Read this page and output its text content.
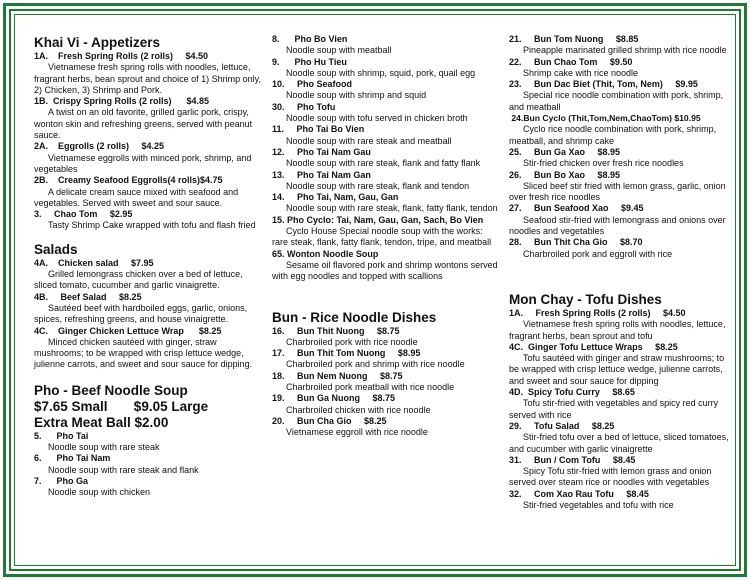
Khai Vi - Appetizers
1A.    Fresh Spring Rolls (2 rolls)     $4.50
Vietnamese fresh spring rolls with noodles, lettuce, fragrant herbs, bean sprout and choice of 1) Shrimp only, 2) Chicken, 3) Shrimp and Pork.
1B.  Crispy Spring Rolls (2 rolls)      $4.85
A twist on an old favorite, grilled garlic pork, crispy, wonton skin and refreshing greens, served with peanut sauce.
2A.    Eggrolls (2 rolls)     $4.25
Vietnamese eggrolls with minced pork, shrimp, and vegetables
2B.    Creamy Seafood Eggrolls(4 rolls)$4.75
A delicate cream sauce mixed with seafood and vegetables. Served with sweet and sour sauce.
3.     Chao Tom     $2.95
Tasty Shrimp Cake wrapped with tofu and flash fried
Salads
4A.    Chicken salad     $7.95
Grilled lemongrass chicken over a bed of lettuce, sliced tomato, cucumber and garlic vinaigrette.
4B.     Beef Salad     $8.25
Sautéed beef with hardboiled eggs, garlic, onions, spices, refreshing greens, and house vinaigrette.
4C.    Ginger Chicken Lettuce Wrap      $8.25
Minced chicken sautéed with ginger, straw mushrooms; to be wrapped with crisp lettuce wedge, julienne carrots, and sweet and sour sauce for dipping.
Pho - Beef Noodle Soup
$7.65 Small       $9.05 Large
Extra Meat Ball $2.00
5.      Pho Tai
Noodle soup with rare steak
6.      Pho Tai Nam
Noodle soup with rare steak and flank
7.      Pho Ga
Noodle soup with chicken
8.      Pho Bo Vien
Noodle soup with meatball
9.      Pho Hu Tieu
Noodle soup with shrimp, squid, pork, quail egg
10.     Pho Seafood
Noodle soup with shrimp and squid
30.     Pho Tofu
Noodle soup with tofu served in chicken broth
11.     Pho Tai Bo Vien
Noodle soup with rare steak and meatball
12.     Pho Tai Nam Gau
Noodle soup with rare steak, flank and fatty flank
13.     Pho Tai Nam Gan
Noodle soup with rare steak, flank and tendon
14.     Pho Tai, Nam, Gau, Gan
Noodle soup with rare steak, flank, fatty flank, tendon
15. Pho Cyclo: Tai, Nam, Gau, Gan, Sach, Bo Vien
Cyclo House Special noodle soup with the works: rare steak, flank, fatty flank, tendon, tripe, and meatball
65. Wonton Noodle Soup
Sesame oil flavored pork and shrimp wontons served with egg noodles and topped with scallions
Bun - Rice Noodle Dishes
16.     Bun Thit Nuong     $8.75
Charbroiled pork with rice noodle
17.     Bun Thit Tom Nuong     $8.95
Charbroiled pork and shrimp with rice noodle
18.     Bun Nem Nuong     $8.75
Charbroiled pork meatball with rice noodle
19.     Bun Ga Nuong     $8.75
Charbroiled chicken with rice noodle
20.     Bun Cha Gio     $8.25
Vietnamese eggroll with rice noodle
21.     Bun Tom Nuong     $8.85
Pineapple marinated grilled shrimp with rice noodle
22.     Bun Chao Tom     $9.50
Shrimp cake with rice noodle
23.     Bun Dac Biet (Thit, Tom, Nem)     $9.95
Special rice noodle combination with pork, shrimp, and meatball
24.Bun Cyclo (Thit,Tom,Nem,ChaoTom) $10.95
Cyclo rice noodle combination with pork, shrimp, meatball, and shrimp cake
25.     Bun Ga Xao     $8.95
Stir-fried chicken over fresh rice noodles
26.     Bun Bo Xao     $8.95
Sliced beef stir fried with lemon grass, garlic, onion over fresh rice noodles
27.     Bun Seafood Xao     $9.45
Seafood stir-fried with lemongrass and onions over noodles and vegetables
28.     Bun Thit Cha Gio     $8.70
Charbroiled pork and eggroll with rice
Mon Chay - Tofu Dishes
1A.     Fresh Spring Rolls (2 rolls)     $4.50
Vietnamese fresh spring rolls with noodles, lettuce, fragrant herbs, bean sprout and tofu
4C.  Ginger Tofu Lettuce Wraps     $8.25
Tofu sautéed with ginger and straw mushrooms; to be wrapped with crisp lettuce wedge, julienne carrots, and sweet and sour sauce for dipping
4D.  Spicy Tofu Curry     $8.65
Tofu stir-fried with vegetables and spicy red curry served with rice
29.     Tofu Salad     $8.25
Stir-fried tofu over a bed of lettuce, sliced tomatoes, and cucumber with garlic vinaigrette
31.     Bun / Com Tofu     $8.45
Spicy Tofu stir-fried with lemon grass and onion served over steam rice or noodles with vegetables
32.     Com Xao Rau Tofu     $8.45
Stir-fried vegetables and tofu with rice
